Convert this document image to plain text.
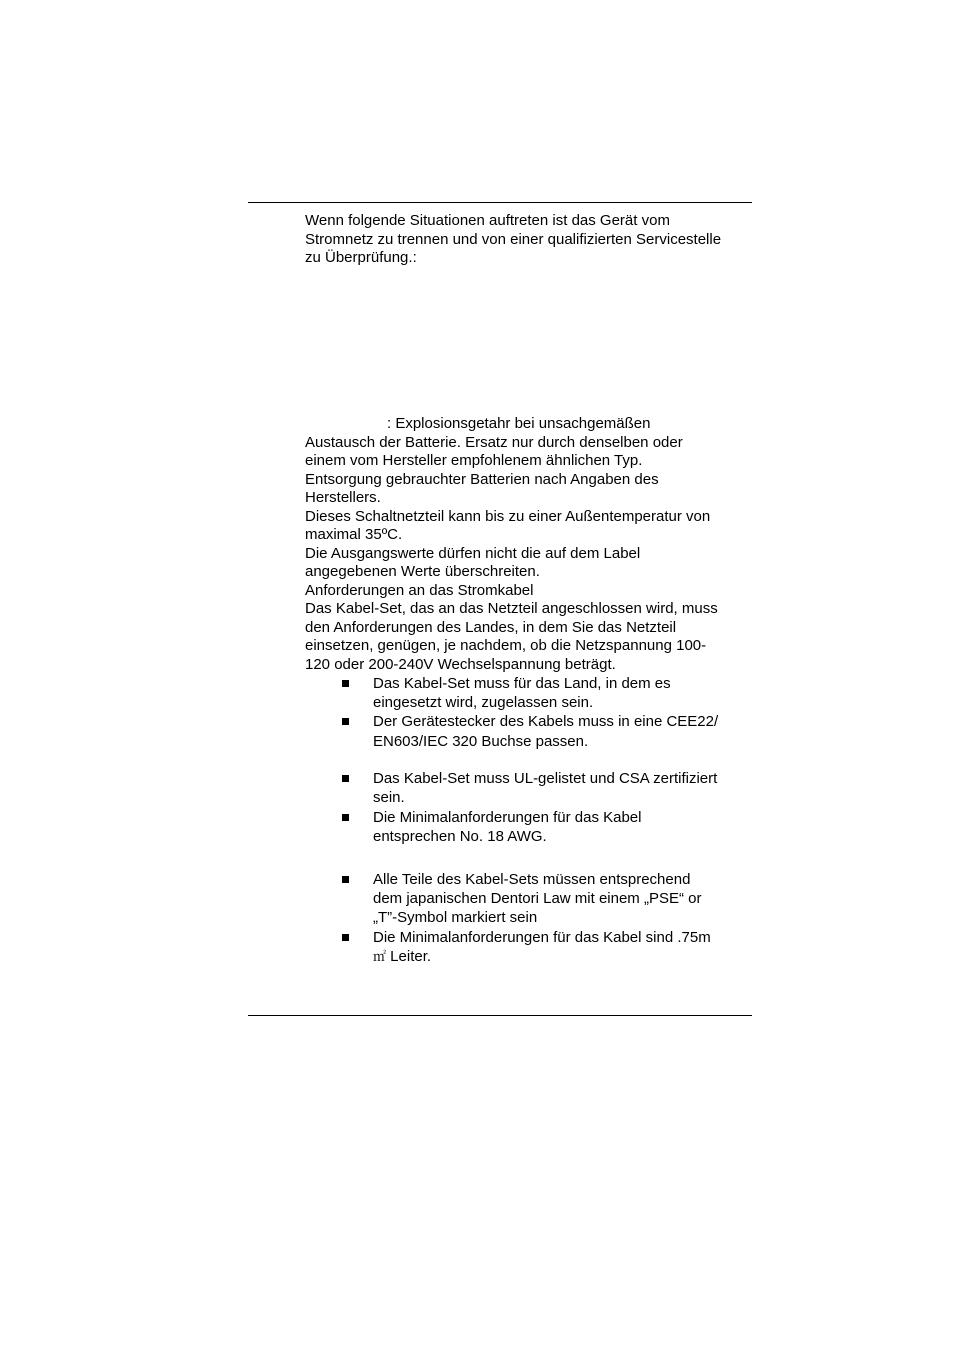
Wenn folgende Situationen auftreten ist das Gerät vom
Stromnetz zu trennen und von einer qualifizierten Servicestelle
zu Überprüfung.:
: Explosionsgetahr bei unsachgemäßen
Austausch der Batterie. Ersatz nur durch denselben oder
einem vom Hersteller empfohlenem ähnlichen Typ.
Entsorgung gebrauchter Batterien nach Angaben des
Herstellers.
Dieses Schaltnetzteil kann bis zu einer Außentemperatur von
maximal 35ºC.
Die Ausgangswerte dürfen nicht die auf dem Label
angegebenen Werte überschreiten.
Anforderungen an das Stromkabel
Das Kabel-Set, das an das Netzteil angeschlossen wird, muss
den Anforderungen des Landes, in dem Sie das Netzteil
einsetzen, genügen, je nachdem, ob die Netzspannung 100-
120 oder 200-240V Wechselspannung beträgt.
Das Kabel-Set muss für das Land, in dem es
eingesetzt wird, zugelassen sein.
Der Gerätestecker des Kabels muss in eine CEE22/
EN603/IEC 320 Buchse passen.
Das Kabel-Set muss UL-gelistet und CSA zertifiziert
sein.
Die Minimalanforderungen für das Kabel
entsprechen No. 18 AWG.
Alle Teile des Kabel-Sets müssen entsprechend
dem japanischen Dentori Law mit einem „PSE“ or
„T”-Symbol markiert sein
Die Minimalanforderungen für das Kabel sind .75m
㎡ Leiter.
